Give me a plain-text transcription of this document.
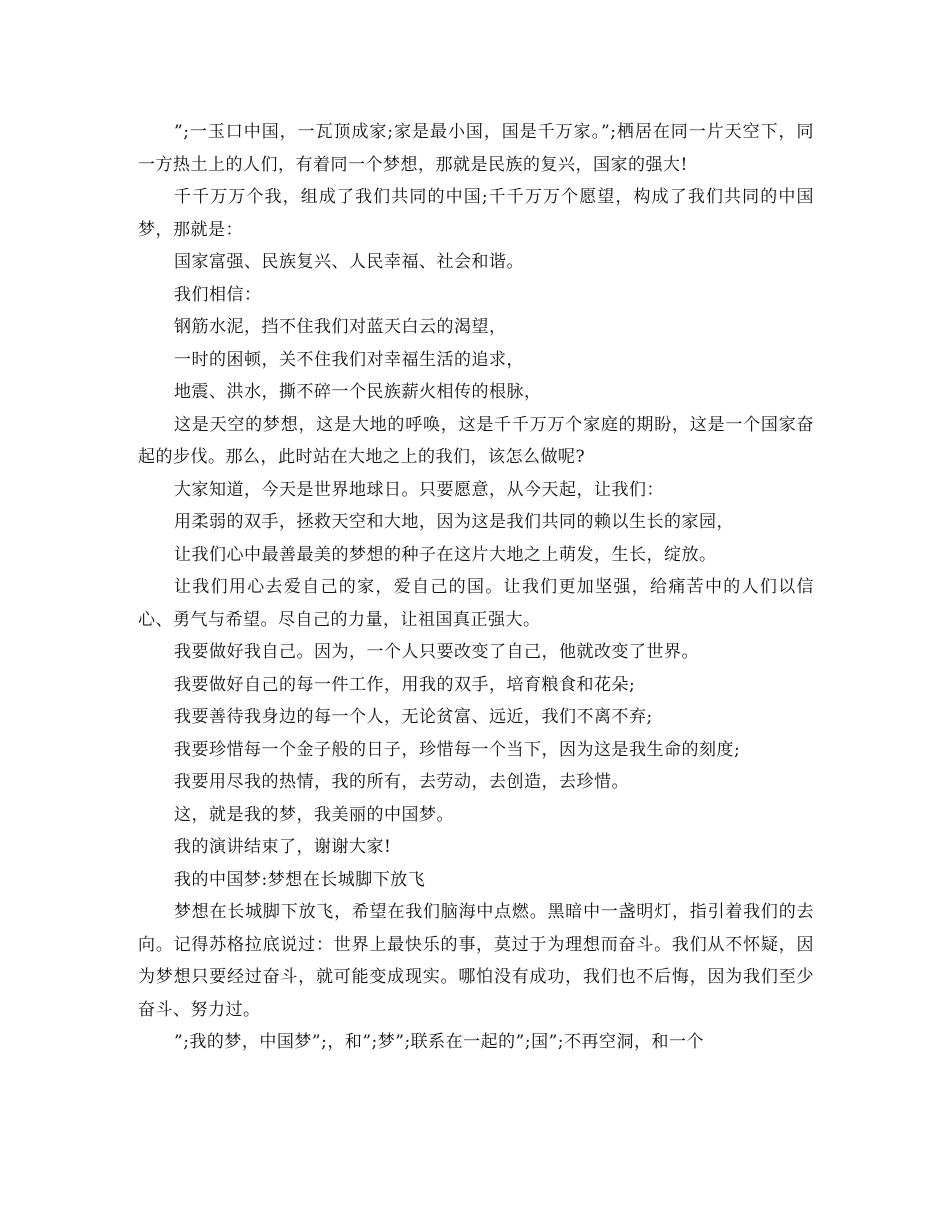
”;一玉口中国，一瓦顶成家;家是最小国，国是千万家。”;栖居在同一片天空下，同一方热土上的人们，有着同一个梦想，那就是民族的复兴，国家的强大!

千千万万个我，组成了我们共同的中国;千千万万个愿望，构成了我们共同的中国梦，那就是：

国家富强、民族复兴、人民幸福、社会和谐。

我们相信：

钢筋水泥，挡不住我们对蓝天白云的渴望，

一时的困顿，关不住我们对幸福生活的追求，

地震、洪水，撕不碎一个民族薪火相传的根脉，

这是天空的梦想，这是大地的呼唤，这是千千万万个家庭的期盼，这是一个国家奋起的步伐。那么，此时站在大地之上的我们，该怎么做呢?

大家知道，今天是世界地球日。只要愿意，从今天起，让我们：

用柔弱的双手，拯救天空和大地，因为这是我们共同的赖以生长的家园，

让我们心中最善最美的梦想的种子在这片大地之上萌发，生长，绽放。

让我们用心去爱自己的家，爱自己的国。让我们更加坚强，给痛苦中的人们以信心、勇气与希望。尽自己的力量，让祖国真正强大。

我要做好我自己。因为，一个人只要改变了自己，他就改变了世界。

我要做好自己的每一件工作，用我的双手，培育粮食和花朵;

我要善待我身边的每一个人，无论贫富、远近，我们不离不弃;

我要珍惜每一个金子般的日子，珍惜每一个当下，因为这是我生命的刻度;

我要用尽我的热情，我的所有，去劳动，去创造，去珍惜。

这，就是我的梦，我美丽的中国梦。

我的演讲结束了，谢谢大家!

我的中国梦:梦想在长城脚下放飞

梦想在长城脚下放飞，希望在我们脑海中点燃。黑暗中一盏明灯，指引着我们的去向。记得苏格拉底说过：世界上最快乐的事，莫过于为理想而奋斗。我们从不怀疑，因为梦想只要经过奋斗，就可能变成现实。哪怕没有成功，我们也不后悔，因为我们至少奋斗、努力过。

”;我的梦，中国梦”;，和”;梦”;联系在一起的”;国”;不再空洞，和一个
